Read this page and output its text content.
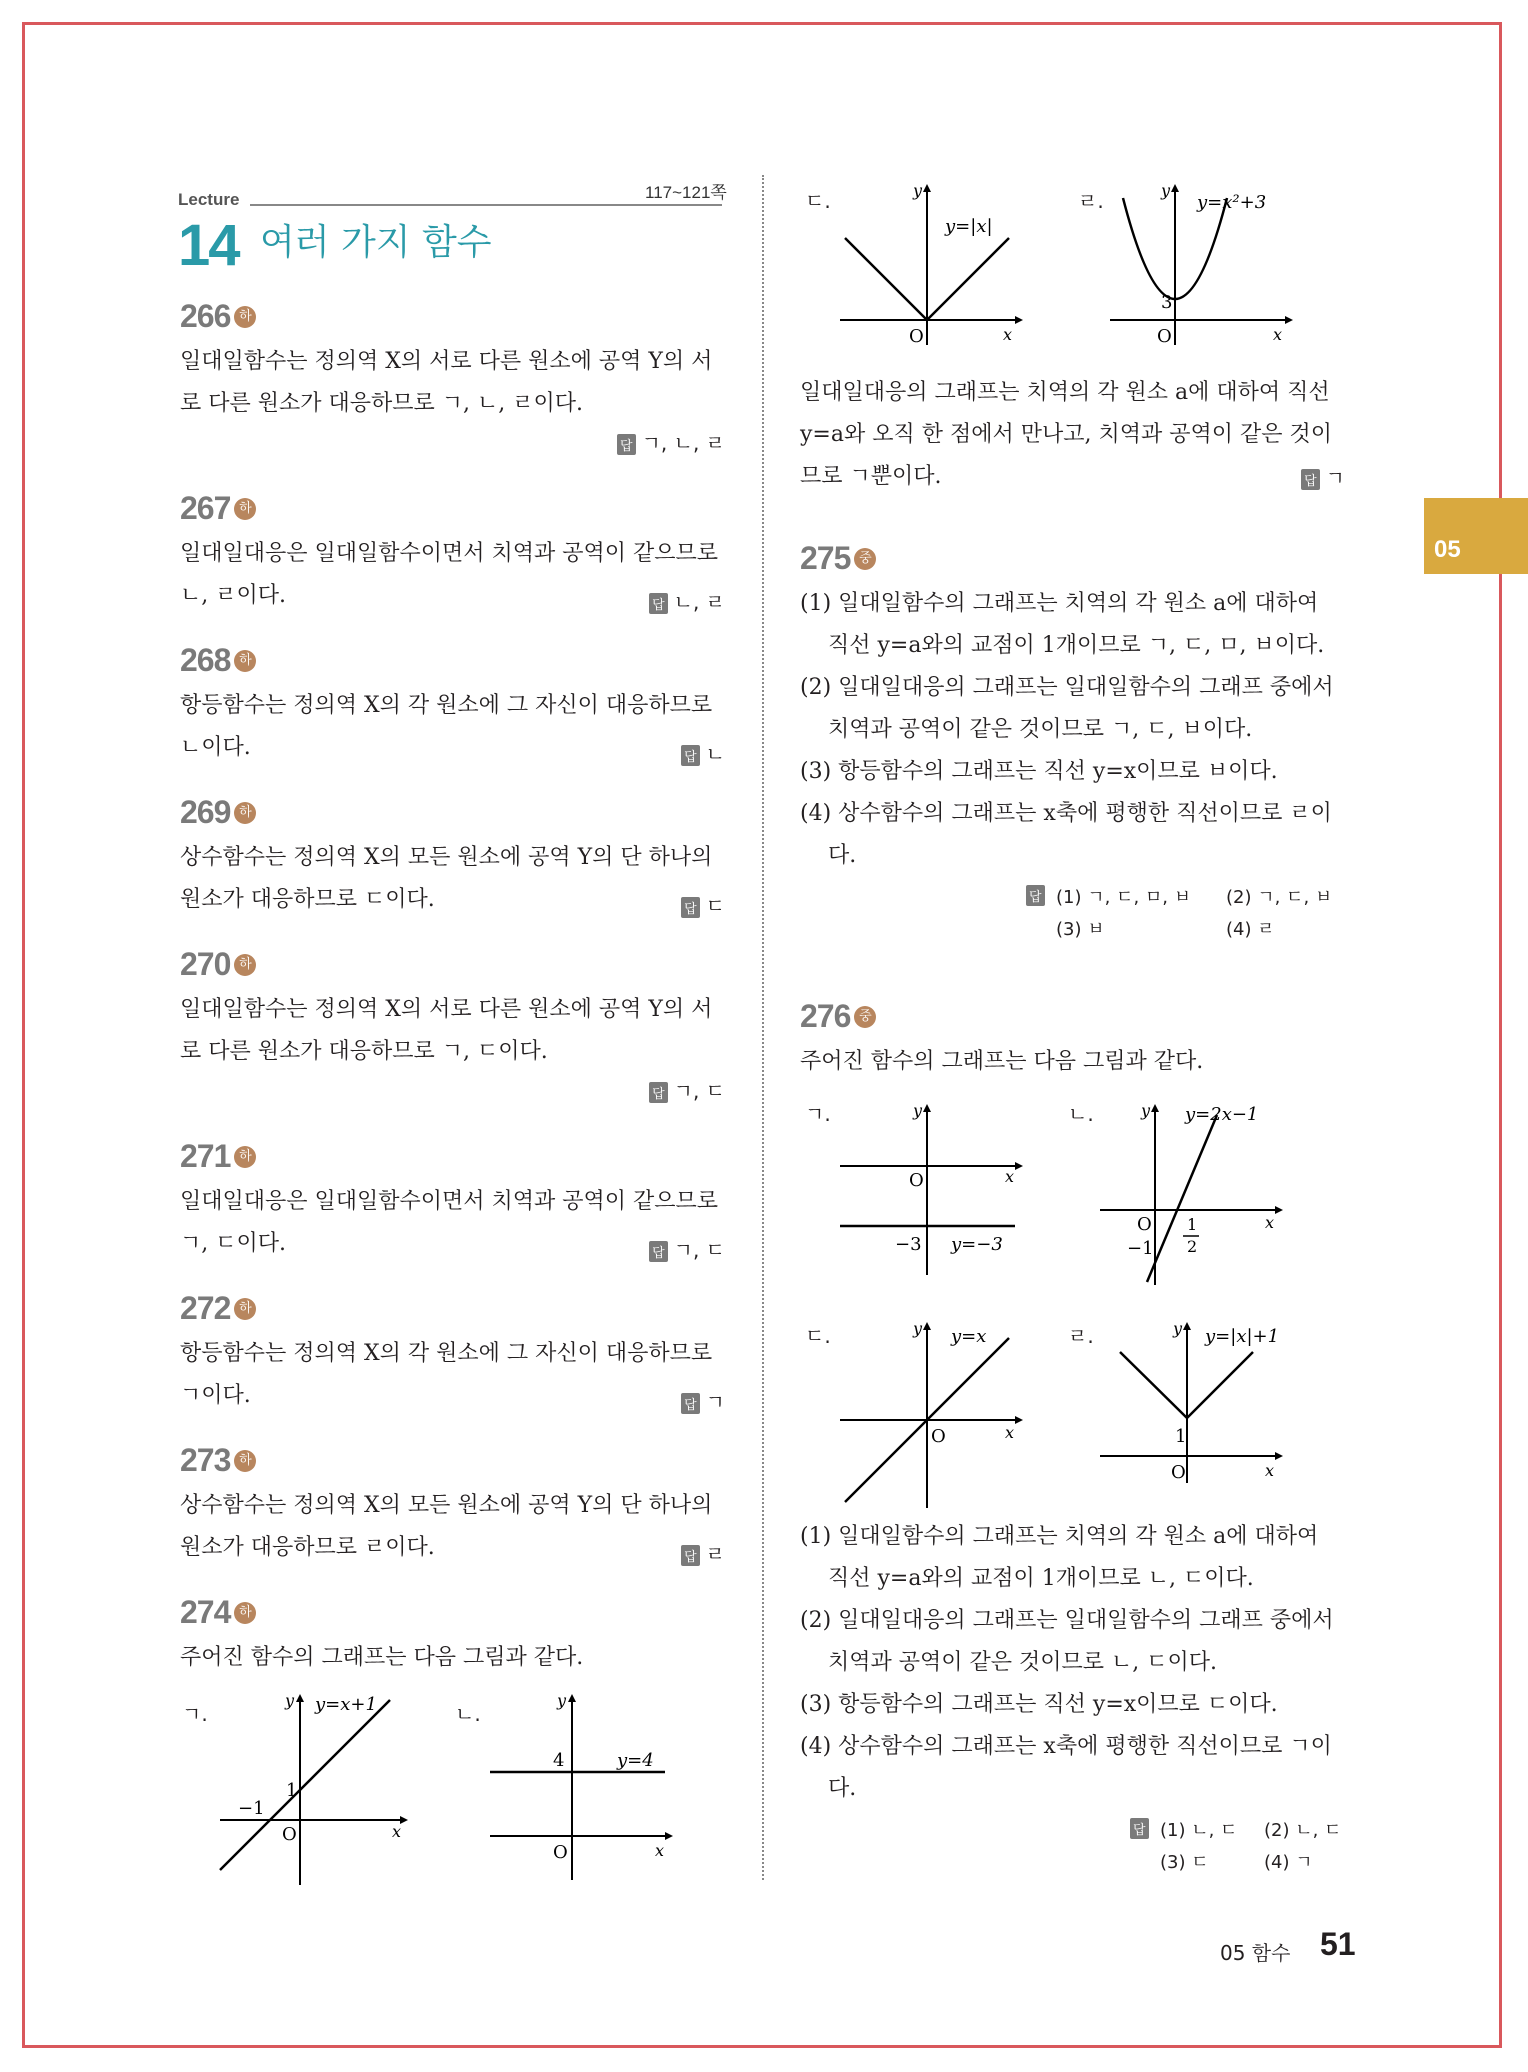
Lecture	117~121쪽
14 여러 가지 함수
05
266 하
일대일함수는 정의역 X의 서로 다른 원소에 공역 Y의 서로 다른 원소가 대응하므로 ㄱ, ㄴ, ㄹ이다.
답 ㄱ, ㄴ, ㄹ
267 하
일대일대응은 일대일함수이면서 치역과 공역이 같으므로 ㄴ, ㄹ이다.	답 ㄴ, ㄹ
268 하
항등함수는 정의역 X의 각 원소에 그 자신이 대응하므로 ㄴ이다.	답 ㄴ
269 하
상수함수는 정의역 X의 모든 원소에 공역 Y의 단 하나의 원소가 대응하므로 ㄷ이다.	답 ㄷ
270 하
일대일함수는 정의역 X의 서로 다른 원소에 공역 Y의 서로 다른 원소가 대응하므로 ㄱ, ㄷ이다.
답 ㄱ, ㄷ
271 하
일대일대응은 일대일함수이면서 치역과 공역이 같으므로 ㄱ, ㄷ이다.	답 ㄱ, ㄷ
272 하
항등함수는 정의역 X의 각 원소에 그 자신이 대응하므로 ㄱ이다.	답 ㄱ
273 하
상수함수는 정의역 X의 모든 원소에 공역 Y의 단 하나의 원소가 대응하므로 ㄹ이다.	답 ㄹ
274 하
주어진 함수의 그래프는 다음 그림과 같다.
ㄱ.
y
x
O
1
−1
y=x+1	ㄴ.
y
x
O
4	y=4
ㄷ.	y
x
O
y=|x|
ㄹ.	y
x
O
3
y=x²+3
일대일대응의 그래프는 치역의 각 원소 a에 대하여 직선 y=a와 오직 한 점에서 만나고, 치역과 공역이 같은 것이므로 ㄱ뿐이다.	답 ㄱ
275 중
(1) 일대일함수의 그래프는 치역의 각 원소 a에 대하여 직선 y=a와의 교점이 1개이므로 ㄱ, ㄷ, ㅁ, ㅂ이다.
(2) 일대일대응의 그래프는 일대일함수의 그래프 중에서 치역과 공역이 같은 것이므로 ㄱ, ㄷ, ㅂ이다.
(3) 항등함수의 그래프는 직선 y=x이므로 ㅂ이다.
(4) 상수함수의 그래프는 x축에 평행한 직선이므로 ㄹ이다.
답 (1) ㄱ, ㄷ, ㅁ, ㅂ (2) ㄱ, ㄷ, ㅂ
(3) ㅂ	(4) ㄹ
276 중
주어진 함수의 그래프는 다음 그림과 같다.
ㄱ.	y
x
O
−3 y=−3
ㄴ.	y
x
O
−1
1
2
y=2x−1
ㄷ.	y
x
O
y=x	ㄹ.	y
x
O
1
y=|x|+1
(1) 일대일함수의 그래프는 치역의 각 원소 a에 대하여 직선 y=a와의 교점이 1개이므로 ㄴ, ㄷ이다.
(2) 일대일대응의 그래프는 일대일함수의 그래프 중에서 치역과 공역이 같은 것이므로 ㄴ, ㄷ이다.
(3) 항등함수의 그래프는 직선 y=x이므로 ㄷ이다.
(4) 상수함수의 그래프는 x축에 평행한 직선이므로 ㄱ이다.
답 (1) ㄴ, ㄷ (2) ㄴ, ㄷ
(3) ㄷ	(4) ㄱ
05 함수 51
